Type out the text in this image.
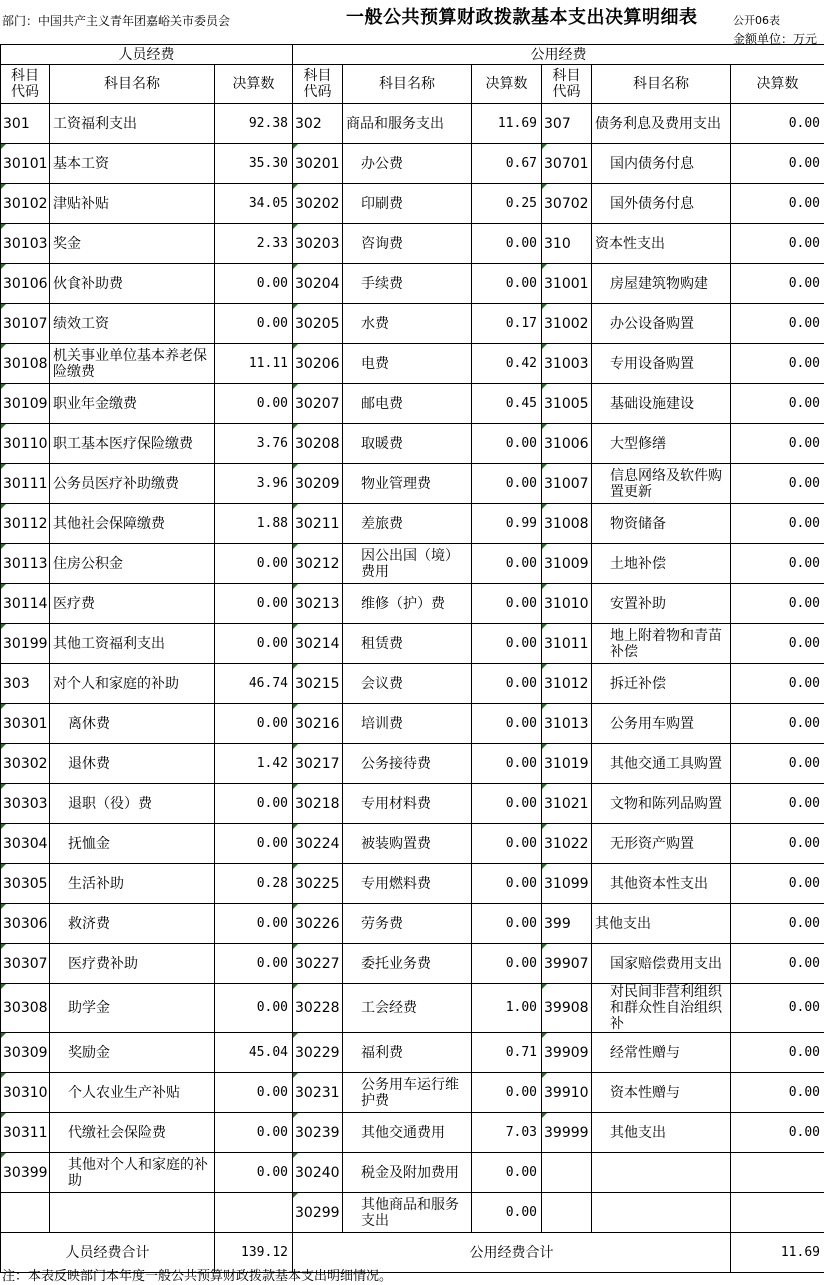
部门：中国共产主义青年团嘉峪关市委员会	一般公共预算财政拨款基本支出决算明细表	公开06表
金额单位：万元
人员经费			公用经费					
科目
代码	科目名称	决算数	科目
代码	科目名称	决算数	科目
代码	科目名称	决算数
301	工资福利支出	92.38	302	商品和服务支出	11.69	307	债务利息及费用支出	0.00
30101	基本工资	35.30	30201	办公费	0.67	30701	国内债务付息	0.00
30102	津贴补贴	34.05	30202	印刷费	0.25	30702	国外债务付息	0.00
30103	奖金	2.33	30203	咨询费	0.00	310	资本性支出	0.00
30106	伙食补助费	0.00	30204	手续费	0.00	31001	房屋建筑物购建	0.00
30107	绩效工资	0.00	30205	水费	0.17	31002	办公设备购置	0.00
30108	机关事业单位基本养老保险缴费	11.11	30206	电费	0.42	31003	专用设备购置	0.00
30109	职业年金缴费	0.00	30207	邮电费	0.45	31005	基础设施建设	0.00
30110	职工基本医疗保险缴费	3.76	30208	取暖费	0.00	31006	大型修缮	0.00
30111	公务员医疗补助缴费	3.96	30209	物业管理费	0.00	31007	信息网络及软件购置更新	0.00
30112	其他社会保障缴费	1.88	30211	差旅费	0.99	31008	物资储备	0.00
30113	住房公积金	0.00	30212	因公出国（境）费用	0.00	31009	土地补偿	0.00
30114	医疗费	0.00	30213	维修（护）费	0.00	31010	安置补助	0.00
30199	其他工资福利支出	0.00	30214	租赁费	0.00	31011	地上附着物和青苗补偿	0.00
303	对个人和家庭的补助	46.74	30215	会议费	0.00	31012	拆迁补偿	0.00
30301	离休费	0.00	30216	培训费	0.00	31013	公务用车购置	0.00
30302	退休费	1.42	30217	公务接待费	0.00	31019	其他交通工具购置	0.00
30303	退职（役）费	0.00	30218	专用材料费	0.00	31021	文物和陈列品购置	0.00
30304	抚恤金	0.00	30224	被装购置费	0.00	31022	无形资产购置	0.00
30305	生活补助	0.28	30225	专用燃料费	0.00	31099	其他资本性支出	0.00
30306	救济费	0.00	30226	劳务费	0.00	399	其他支出	0.00
30307	医疗费补助	0.00	30227	委托业务费	0.00	39907	国家赔偿费用支出	0.00
30308	助学金	0.00	30228	工会经费	1.00	39908	对民间非营利组织和群众性自治组织补	0.00
30309	奖励金	45.04	30229	福利费	0.71	39909	经常性赠与	0.00
30310	个人农业生产补贴	0.00	30231	公务用车运行维护费	0.00	39910	资本性赠与	0.00
30311	代缴社会保险费	0.00	30239	其他交通费用	7.03	39999	其他支出	0.00
30399	其他对个人和家庭的补助	0.00	30240	税金及附加费用	0.00			
			30299	其他商品和服务支出	0.00			
人员经费合计		139.12	公用经费合计					11.69
注：本表反映部门本年度一般公共预算财政拨款基本支出明细情况。
